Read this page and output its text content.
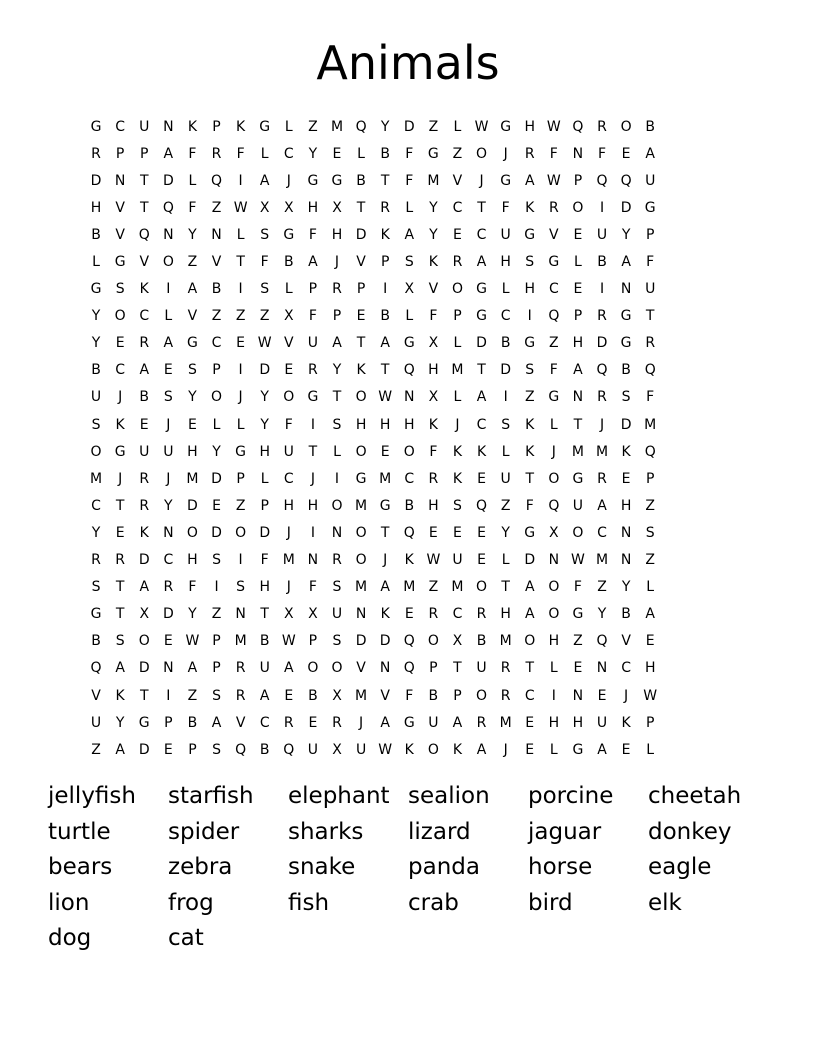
Animals
G C	U N	K	P	K	G	L	Z M Q	Y	D Z	L W G H W Q R O B
R	P	P	A	F	R	F	L	C	Y	E	L	B	F	G Z O	J	R	F	N	F	E	A
D N	T	D	L	Q	I	A	J	G G B	T	F	M V	J	G A W P	Q Q U
H	V	T	Q	F	Z W X	X	H	X	T	R	L	Y	C	T	F	K	R O	I	D G
B	V Q N	Y	N	L	S	G	F	H D	K	A	Y	E	C	U G V	E	U	Y	P
L	G V O Z	V	T	F	B	A	J	V	P	S	K	R	A	H	S	G	L	B	A	F
G	S	K	I	A	B	I	S	L	P	R	P	I	X	V O G	L	H C	E	I	N U
Y	O C	L	V	Z	Z	Z	X	F	P	E	B	L	F	P	G C	I	Q	P	R G	T
Y	E	R	A G C	E W V	U	A	T	A G X	L	D B G Z	H D G R
B	C	A	E	S	P	I	D	E	R	Y	K	T	Q H M T	D	S	F	A Q B Q
U	J	B	S	Y	O	J	Y	O G	T	O W N	X	L	A	I	Z G N R	S	F
S	K	E	J	E	L	L	Y	F	I	S	H H H	K	J	C	S	K	L	T	J	D M
O G U U H	Y	G H U	T	L	O	E	O	F	K	K	L	K	J	M M K Q
M	J	R	J	M D	P	L	C	J	I	G M C	R	K	E	U	T	O G R	E	P
C	T	R	Y	D	E	Z	P	H H O M G B	H	S	Q Z	F	Q U	A	H	Z
Y	E	K	N O D O D	J	I	N O	T	Q	E	E	E	Y	G X O C N	S
R	R D C H	S	I	F	M N R O	J	K W U	E	L	D N W M N	Z
S	T	A	R	F	I	S	H	J	F	S M A M Z M O	T	A O	F	Z	Y	L
G	T	X D	Y	Z	N	T	X	X	U N	K	E	R	C	R H	A O G	Y	B	A
B	S	O	E W P M B W P	S	D D Q O X	B M O H	Z Q V	E
Q A D N	A	P	R	U	A O O V	N Q	P	T	U	R	T	L	E	N C H
V	K	T	I	Z	S	R	A	E	B	X M V	F	B	P	O R	C	I	N	E	J	W
U	Y	G	P	B	A	V	C	R	E	R	J	A G U	A	R M E	H H U	K	P
Z	A D	E	P	S	Q B Q U	X	U W K O K	A	J	E	L	G A	E	L
jellyfish	starfish	elephant sealion	porcine	cheetah
turtle	spider	sharks	lizard	jaguar	donkey
bears	zebra	snake	panda	horse	eagle
lion	frog	fish	crab	bird	elk
dog	cat
